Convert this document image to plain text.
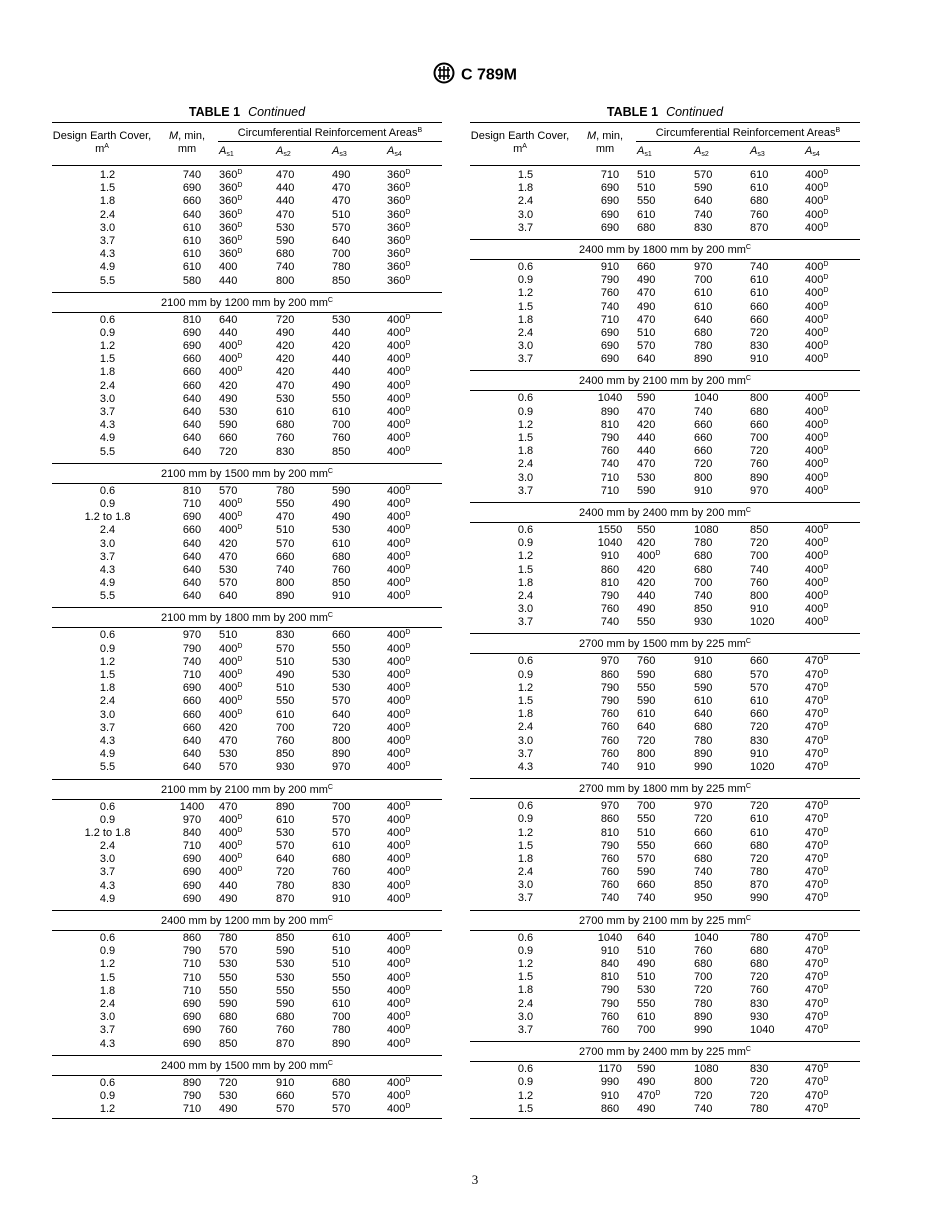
C 789M
TABLE 1 Continued
Design Earth Cover, $m^A$
M, min,
mm
Circumferential Reinforcement Areas$^B$
$A_{s1}$	$A_{s2}$	$A_{s3}$	$A_{s4}$
1.2	740	$360^D$	470	490	$360^D$
1.5	690	$360^D$	440	470	$360^D$
1.8	660	$360^D$	440	470	$360^D$
2.4	640	$360^D$	470	510	$360^D$
3.0	610	$360^D$	530	570	$360^D$
3.7	610	$360^D$	590	640	$360^D$
4.3	610	$360^D$	680	700	$360^D$
4.9	610	400	740	780	$360^D$
5.5	580	440	800	850	$360^D$
2100 mm by 1200 mm by 200 $mm^C$
0.6	810	640	720	530	$400^D$
0.9	690	440	490	440	$400^D$
1.2	690	$400^D$	420	420	$400^D$
1.5	660	$400^D$	420	440	$400^D$
1.8	660	$400^D$	420	440	$400^D$
2.4	660	420	470	490	$400^D$
3.0	640	490	530	550	$400^D$
3.7	640	530	610	610	$400^D$
4.3	640	590	680	700	$400^D$
4.9	640	660	760	760	$400^D$
5.5	640	720	830	850	$400^D$
2100 mm by 1500 mm by 200 $mm^C$
0.6	810	570	780	590	$400^D$
0.9	710	$400^D$	550	490	$400^D$
1.2 to 1.8	690	$400^D$	470	490	$400^D$
2.4	660	$400^D$	510	530	$400^D$
3.0	640	420	570	610	$400^D$
3.7	640	470	660	680	$400^D$
4.3	640	530	740	760	$400^D$
4.9	640	570	800	850	$400^D$
5.5	640	640	890	910	$400^D$
2100 mm by 1800 mm by 200 $mm^C$
0.6	970	510	830	660	$400^D$
0.9	790	$400^D$	570	550	$400^D$
1.2	740	$400^D$	510	530	$400^D$
1.5	710	$400^D$	490	530	$400^D$
1.8	690	$400^D$	510	530	$400^D$
2.4	660	$400^D$	550	570	$400^D$
3.0	660	$400^D$	610	640	$400^D$
3.7	660	420	700	720	$400^D$
4.3	640	470	760	800	$400^D$
4.9	640	530	850	890	$400^D$
5.5	640	570	930	970	$400^D$
2100 mm by 2100 mm by 200 $mm^C$
0.6	1400	470	890	700	$400^D$
0.9	970	$400^D$	610	570	$400^D$
1.2 to 1.8	840	$400^D$	530	570	$400^D$
2.4	710	$400^D$	570	610	$400^D$
3.0	690	$400^D$	640	680	$400^D$
3.7	690	$400^D$	720	760	$400^D$
4.3	690	440	780	830	$400^D$
4.9	690	490	870	910	$400^D$
2400 mm by 1200 mm by 200 $mm^C$
0.6	860	780	850	610	$400^D$
0.9	790	570	590	510	$400^D$
1.2	710	530	530	510	$400^D$
1.5	710	550	530	550	$400^D$
1.8	710	550	550	550	$400^D$
2.4	690	590	590	610	$400^D$
3.0	690	680	680	700	$400^D$
3.7	690	760	760	780	$400^D$
4.3	690	850	870	890	$400^D$
2400 mm by 1500 mm by 200 $mm^C$
0.6	890	720	910	680	$400^D$
0.9	790	530	660	570	$400^D$
1.2	710	490	570	570	$400^D$
TABLE 1 Continued
Design Earth Cover, $m^A$
M, min,
mm
Circumferential Reinforcement Areas$^B$
$A_{s1}$	$A_{s2}$	$A_{s3}$	$A_{s4}$
1.5	710	510	570	610	$400^D$
1.8	690	510	590	610	$400^D$
2.4	690	550	640	680	$400^D$
3.0	690	610	740	760	$400^D$
3.7	690	680	830	870	$400^D$
2400 mm by 1800 mm by 200 $mm^C$
0.6	910	660	970	740	$400^D$
0.9	790	490	700	610	$400^D$
1.2	760	470	610	610	$400^D$
1.5	740	490	610	660	$400^D$
1.8	710	470	640	660	$400^D$
2.4	690	510	680	720	$400^D$
3.0	690	570	780	830	$400^D$
3.7	690	640	890	910	$400^D$
2400 mm by 2100 mm by 200 $mm^C$
0.6	1040	590	1040	800	$400^D$
0.9	890	470	740	680	$400^D$
1.2	810	420	660	660	$400^D$
1.5	790	440	660	700	$400^D$
1.8	760	440	660	720	$400^D$
2.4	740	470	720	760	$400^D$
3.0	710	530	800	890	$400^D$
3.7	710	590	910	970	$400^D$
2400 mm by 2400 mm by 200 $mm^C$
0.6	1550	550	1080	850	$400^D$
0.9	1040	420	780	720	$400^D$
1.2	910	$400^D$	680	700	$400^D$
1.5	860	420	680	740	$400^D$
1.8	810	420	700	760	$400^D$
2.4	790	440	740	800	$400^D$
3.0	760	490	850	910	$400^D$
3.7	740	550	930	1020	$400^D$
2700 mm by 1500 mm by 225 $mm^C$
0.6	970	760	910	660	$470^D$
0.9	860	590	680	570	$470^D$
1.2	790	550	590	570	$470^D$
1.5	790	590	610	610	$470^D$
1.8	760	610	640	660	$470^D$
2.4	760	640	680	720	$470^D$
3.0	760	720	780	830	$470^D$
3.7	760	800	890	910	$470^D$
4.3	740	910	990	1020	$470^D$
2700 mm by 1800 mm by 225 $mm^C$
0.6	970	700	970	720	$470^D$
0.9	860	550	720	610	$470^D$
1.2	810	510	660	610	$470^D$
1.5	790	550	660	680	$470^D$
1.8	760	570	680	720	$470^D$
2.4	760	590	740	780	$470^D$
3.0	760	660	850	870	$470^D$
3.7	740	740	950	990	$470^D$
2700 mm by 2100 mm by 225 $mm^C$
0.6	1040	640	1040	780	$470^D$
0.9	910	510	760	680	$470^D$
1.2	840	490	680	680	$470^D$
1.5	810	510	700	720	$470^D$
1.8	790	530	720	760	$470^D$
2.4	790	550	780	830	$470^D$
3.0	760	610	890	930	$470^D$
3.7	760	700	990	1040	$470^D$
2700 mm by 2400 mm by 225 $mm^C$
0.6	1170	590	1080	830	$470^D$
0.9	990	490	800	720	$470^D$
1.2	910	$470^D$	720	720	$470^D$
1.5	860	490	740	780	$470^D$
3
